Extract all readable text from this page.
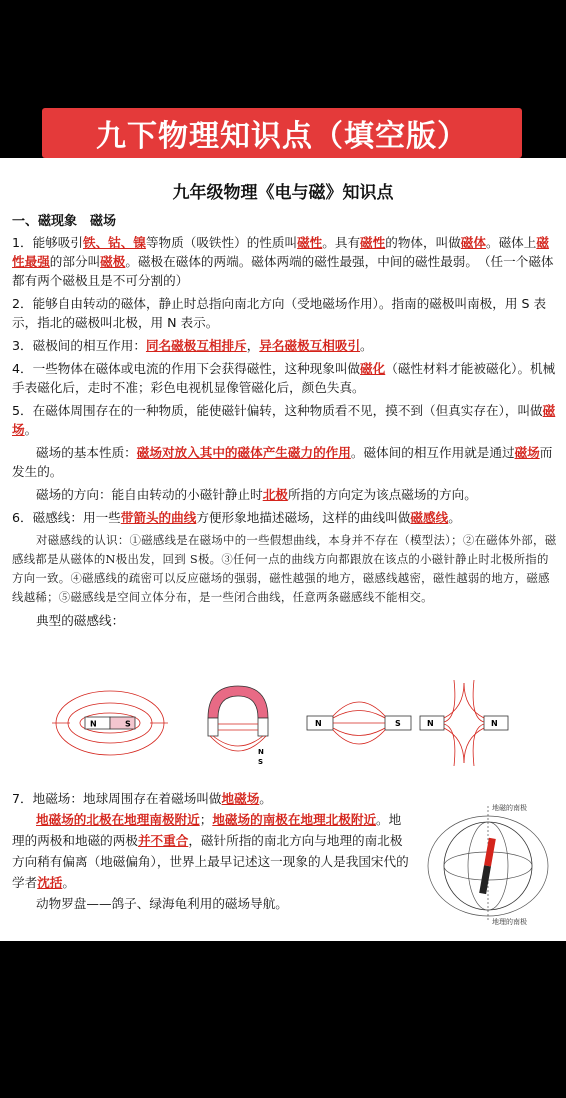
九下物理知识点（填空版）
九年级物理《电与磁》知识点

一、磁现象　磁场

1．能够吸引铁、钴、镍等物质（吸铁性）的性质叫磁性。具有磁性的物体，叫做磁体。磁体上磁性最强的部分叫磁极。磁极在磁体的两端。磁体两端的磁性最强，中间的磁性最弱。　（任一个磁体都有两个磁极且是不可分割的）

2．能够自由转动的磁体，静止时总指向南北方向（受地磁场作用）。指南的磁极叫南极，用 S 表示，指北的磁极叫北极，用 N 表示。

3．磁极间的相互作用：同名磁极互相排斥，异名磁极互相吸引。

4．一些物体在磁体或电流的作用下会获得磁性，这种现象叫做磁化（磁性材料才能被磁化）。机械手表磁化后，走时不准；彩色电视机显像管磁化后，颜色失真。

5．在磁体周围存在的一种物质，能使磁针偏转，这种物质看不见，摸不到（但真实存在），叫做磁场。

磁场的基本性质：磁场对放入其中的磁体产生磁力的作用。磁体间的相互作用就是通过磁场而发生的。

磁场的方向：能自由转动的小磁针静止时北极所指的方向定为该点磁场的方向。

6．磁感线：用一些带箭头的曲线方便形象地描述磁场，这样的曲线叫做磁感线。

对磁感线的认识：①磁感线是在磁场中的一些假想曲线，本身并不存在（模型法）；②在磁体外部，磁感线都是从磁体的N极出发，回到 S极。③任何一点的曲线方向都跟放在该点的小磁针静止时北极所指的方向一致。④磁感线的疏密可以反应磁场的强弱，磁性越强的地方，磁感线越密，磁性越弱的地方，磁感线越稀；⑤磁感线是空间立体分布，是一些闭合曲线，任意两条磁感线不能相交。

典型的磁感线：

N	S
N
S
N	S	N	N

7．地磁场：地球周围存在着磁场叫做地磁场。

地磁场的北极在地理南极附近；地磁场的南极在地理北极附近。地理的两极和地磁的两极并不重合，磁针所指的南北方向与地理的南北极方向稍有偏离（地磁偏角），世界上最早记述这一现象的人是我国宋代的学者沈括。

动物罗盘——鸽子、绿海龟利用的磁场导航。

地磁的南极
地理的南极
